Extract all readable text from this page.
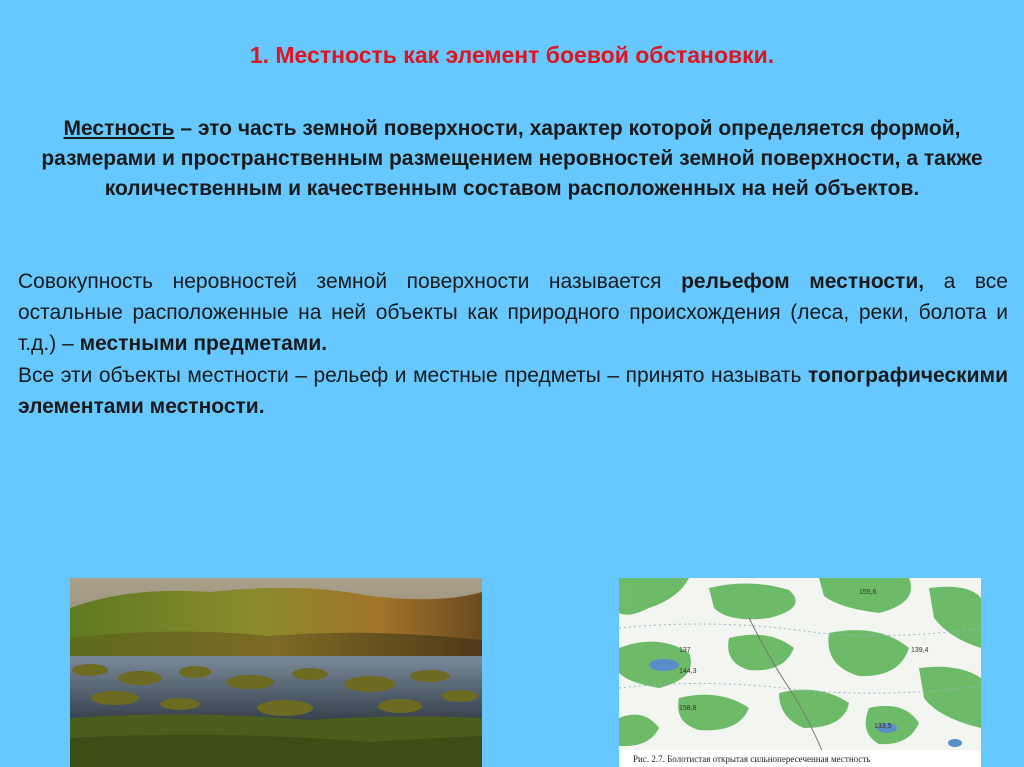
1. Местность как элемент боевой обстановки.
Местность – это часть земной поверхности, характер которой определяется формой, размерами и пространственным размещением неровностей земной поверхности, а также количественным и качественным составом расположенных на ней объектов.

Совокупность неровностей земной поверхности называется рельефом местности, а все остальные расположенные на ней объекты как природного происхождения (леса, реки, болота и т.д.) – местными предметами.

Все эти объекты местности – рельеф и местные предметы – принято называть топографическими элементами местности.

155,6
137
144,3
139,4
158,8
133,5
Рис. 2.7. Болотистая открытая сильнопересеченная местность
